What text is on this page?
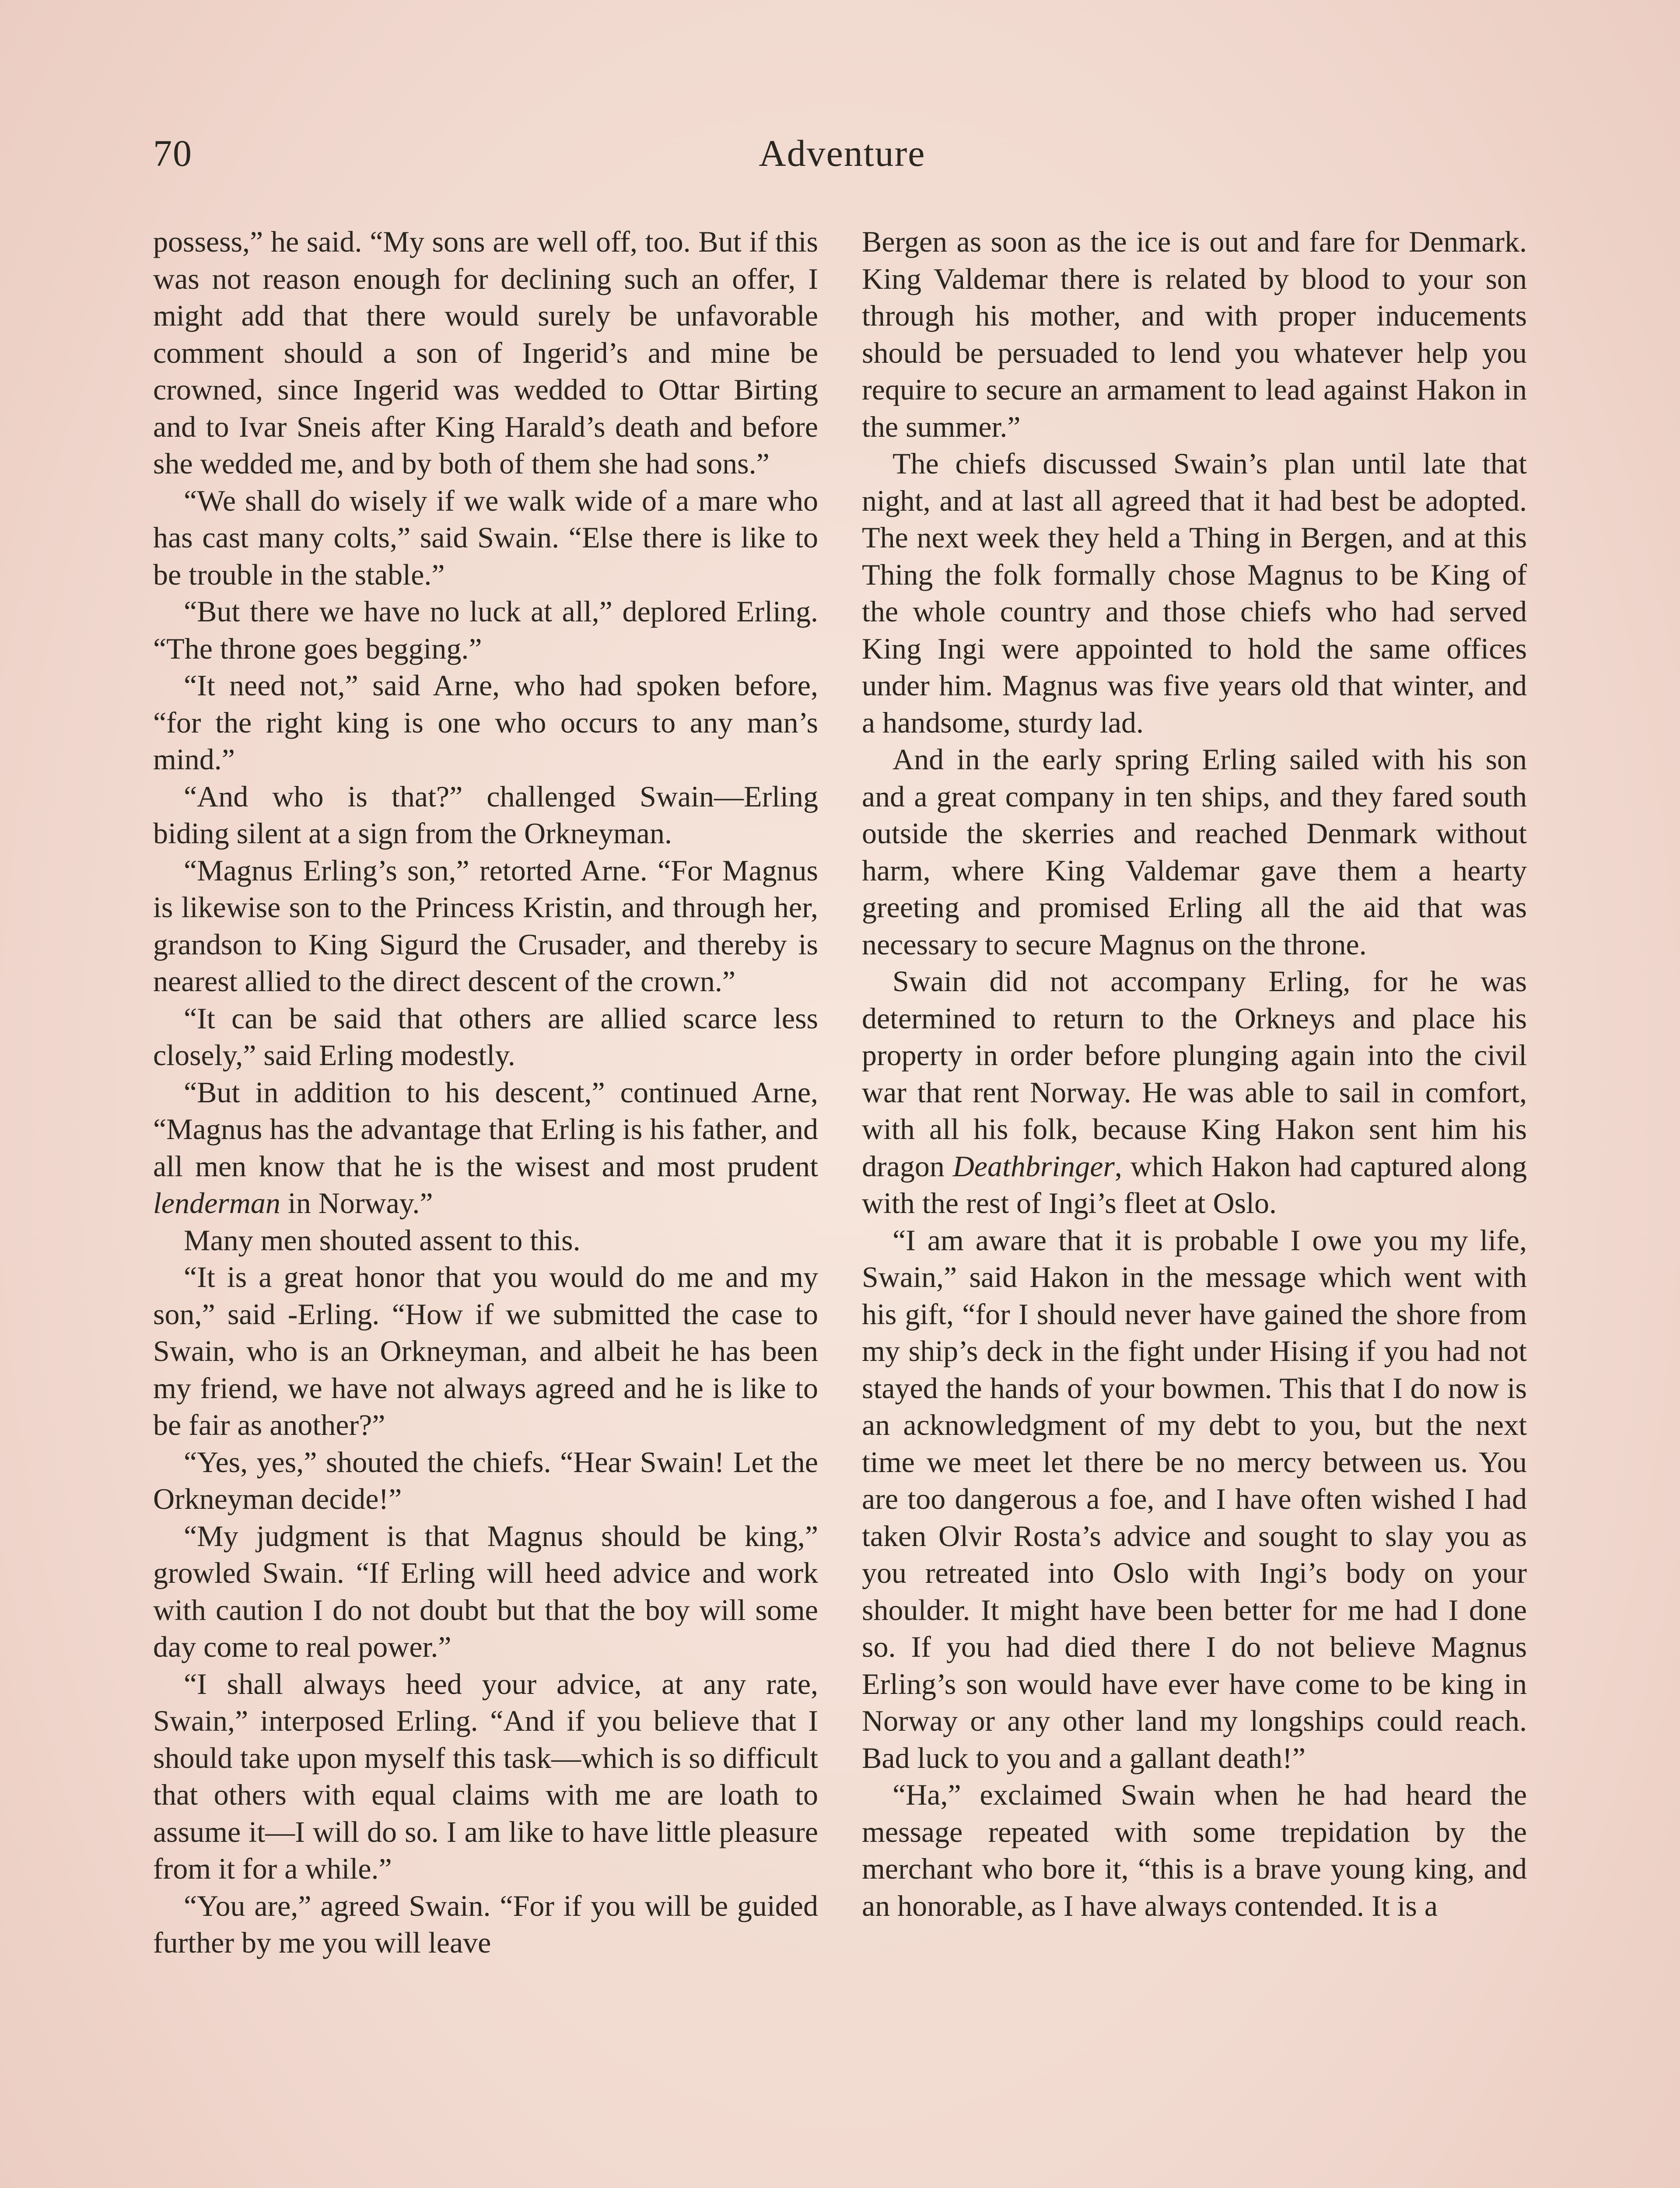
70	Adventure

possess,” he said. “My sons are well off, too. But if this was not reason enough for declining such an offer, I might add that there would surely be unfavorable comment should a son of Ingerid’s and mine be crowned, since Ingerid was wedded to Ottar Birting and to Ivar Sneis after King Harald’s death and before she wedded me, and by both of them she had sons.”

“We shall do wisely if we walk wide of a mare who has cast many colts,” said Swain. “Else there is like to be trouble in the stable.”

“But there we have no luck at all,” deplored Erling. “The throne goes begging.”

“It need not,” said Arne, who had spoken before, “for the right king is one who occurs to any man’s mind.”

“And who is that?” challenged Swain—Erling biding silent at a sign from the Orkneyman.

“Magnus Erling’s son,” retorted Arne. “For Magnus is likewise son to the Princess Kristin, and through her, grandson to King Sigurd the Crusader, and thereby is nearest allied to the direct descent of the crown.”

“It can be said that others are allied scarce less closely,” said Erling modestly.

“But in addition to his descent,” continued Arne, “Magnus has the advantage that Erling is his father, and all men know that he is the wisest and most prudent lenderman in Norway.”

Many men shouted assent to this.

“It is a great honor that you would do me and my son,” said -Erling. “How if we submitted the case to Swain, who is an Orkneyman, and albeit he has been my friend, we have not always agreed and he is like to be fair as another?”

“Yes, yes,” shouted the chiefs. “Hear Swain! Let the Orkneyman decide!”

“My judgment is that Magnus should be king,” growled Swain. “If Erling will heed advice and work with caution I do not doubt but that the boy will some day come to real power.”

“I shall always heed your advice, at any rate, Swain,” interposed Erling. “And if you believe that I should take upon myself this task—which is so difficult that others with equal claims with me are loath to assume it—I will do so. I am like to have little pleasure from it for a while.”

“You are,” agreed Swain. “For if you will be guided further by me you will leave

Bergen as soon as the ice is out and fare for Denmark. King Valdemar there is related by blood to your son through his mother, and with proper inducements should be persuaded to lend you whatever help you require to secure an armament to lead against Hakon in the summer.”

The chiefs discussed Swain’s plan until late that night, and at last all agreed that it had best be adopted. The next week they held a Thing in Bergen, and at this Thing the folk formally chose Magnus to be King of the whole country and those chiefs who had served King Ingi were appointed to hold the same offices under him. Magnus was five years old that winter, and a handsome, sturdy lad.

And in the early spring Erling sailed with his son and a great company in ten ships, and they fared south outside the skerries and reached Denmark without harm, where King Valdemar gave them a hearty greeting and promised Erling all the aid that was necessary to secure Magnus on the throne.

Swain did not accompany Erling, for he was determined to return to the Orkneys and place his property in order before plunging again into the civil war that rent Norway. He was able to sail in comfort, with all his folk, because King Hakon sent him his dragon Deathbringer, which Hakon had captured along with the rest of Ingi’s fleet at Oslo.

“I am aware that it is probable I owe you my life, Swain,” said Hakon in the message which went with his gift, “for I should never have gained the shore from my ship’s deck in the fight under Hising if you had not stayed the hands of your bowmen. This that I do now is an acknowledgment of my debt to you, but the next time we meet let there be no mercy between us. You are too dangerous a foe, and I have often wished I had taken Olvir Rosta’s advice and sought to slay you as you retreated into Oslo with Ingi’s body on your shoulder. It might have been better for me had I done so. If you had died there I do not believe Magnus Erling’s son would have ever have come to be king in Norway or any other land my longships could reach. Bad luck to you and a gallant death!”

“Ha,” exclaimed Swain when he had heard the message repeated with some trepidation by the merchant who bore it, “this is a brave young king, and an honorable, as I have always contended. It is a
